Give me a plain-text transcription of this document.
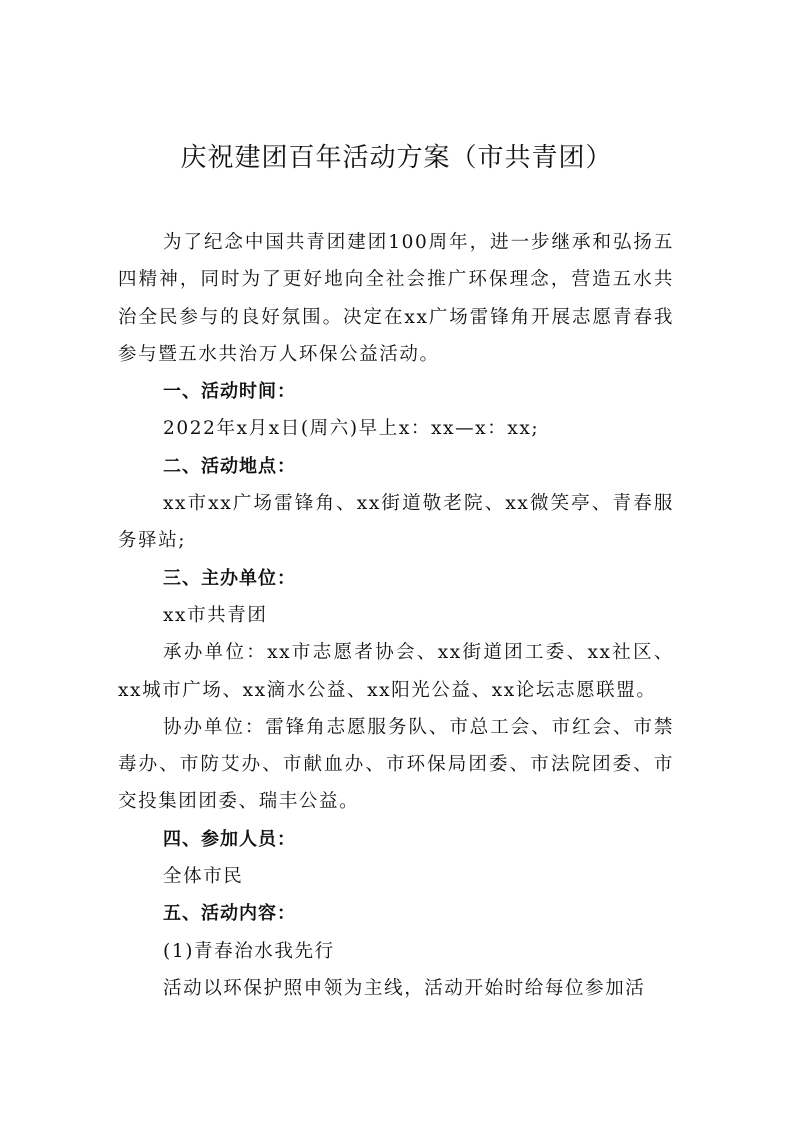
庆祝建团百年活动方案（市共青团）

为了纪念中国共青团建团100周年，进一步继承和弘扬五四精神，同时为了更好地向全社会推广环保理念，营造五水共治全民参与的良好氛围。决定在xx广场雷锋角开展志愿青春我参与暨五水共治万人环保公益活动。

一、活动时间：

2022年x月x日(周六)早上x：xx—x：xx;

二、活动地点：

xx市xx广场雷锋角、xx街道敬老院、xx微笑亭、青春服务驿站;

三、主办单位：

xx市共青团

承办单位：xx市志愿者协会、xx街道团工委、xx社区、xx城市广场、xx滴水公益、xx阳光公益、xx论坛志愿联盟。

协办单位：雷锋角志愿服务队、市总工会、市红会、市禁毒办、市防艾办、市献血办、市环保局团委、市法院团委、市交投集团团委、瑞丰公益。

四、参加人员：

全体市民

五、活动内容：

(1)青春治水我先行

活动以环保护照申领为主线，活动开始时给每位参加活
